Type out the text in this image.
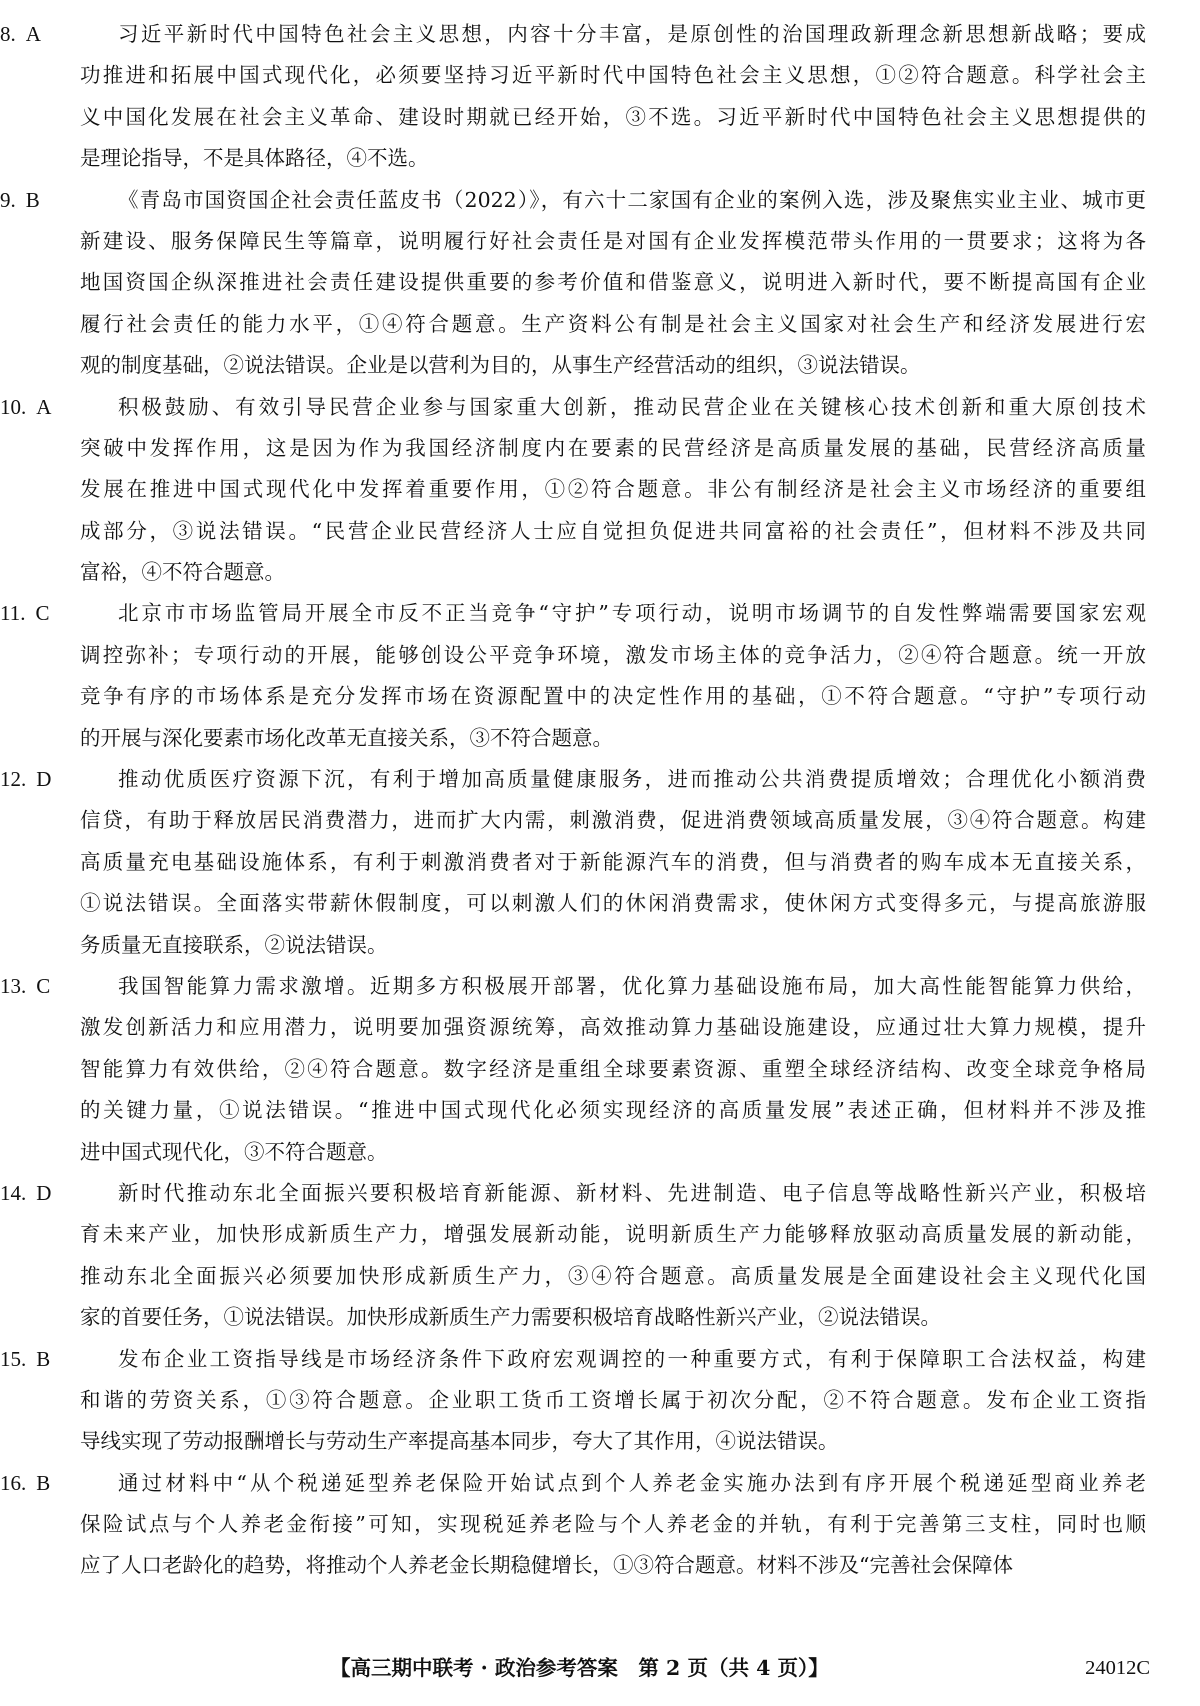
8. A	习近平新时代中国特色社会主义思想，内容十分丰富，是原创性的治国理政新理念新思想新战略；要成
功推进和拓展中国式现代化，必须要坚持习近平新时代中国特色社会主义思想，①②符合题意。科学社会主
义中国化发展在社会主义革命、建设时期就已经开始，③不选。习近平新时代中国特色社会主义思想提供的
是理论指导，不是具体路径，④不选。
9. B	《青岛市国资国企社会责任蓝皮书（2022）》，有六十二家国有企业的案例入选，涉及聚焦实业主业、城市更
新建设、服务保障民生等篇章，说明履行好社会责任是对国有企业发挥模范带头作用的一贯要求；这将为各
地国资国企纵深推进社会责任建设提供重要的参考价值和借鉴意义，说明进入新时代，要不断提高国有企业
履行社会责任的能力水平，①④符合题意。生产资料公有制是社会主义国家对社会生产和经济发展进行宏
观的制度基础，②说法错误。企业是以营利为目的，从事生产经营活动的组织，③说法错误。
10. A	积极鼓励、有效引导民营企业参与国家重大创新，推动民营企业在关键核心技术创新和重大原创技术
突破中发挥作用，这是因为作为我国经济制度内在要素的民营经济是高质量发展的基础，民营经济高质量
发展在推进中国式现代化中发挥着重要作用，①②符合题意。非公有制经济是社会主义市场经济的重要组
成部分，③说法错误。“民营企业民营经济人士应自觉担负促进共同富裕的社会责任”，但材料不涉及共同
富裕，④不符合题意。
11. C	北京市市场监管局开展全市反不正当竞争“守护”专项行动，说明市场调节的自发性弊端需要国家宏观
调控弥补；专项行动的开展，能够创设公平竞争环境，激发市场主体的竞争活力，②④符合题意。统一开放
竞争有序的市场体系是充分发挥市场在资源配置中的决定性作用的基础，①不符合题意。“守护”专项行动
的开展与深化要素市场化改革无直接关系，③不符合题意。
12. D	推动优质医疗资源下沉，有利于增加高质量健康服务，进而推动公共消费提质增效；合理优化小额消费
信贷，有助于释放居民消费潜力，进而扩大内需，刺激消费，促进消费领域高质量发展，③④符合题意。构建
高质量充电基础设施体系，有利于刺激消费者对于新能源汽车的消费，但与消费者的购车成本无直接关系，
①说法错误。全面落实带薪休假制度，可以刺激人们的休闲消费需求，使休闲方式变得多元，与提高旅游服
务质量无直接联系，②说法错误。
13. C	我国智能算力需求激增。近期多方积极展开部署，优化算力基础设施布局，加大高性能智能算力供给，
激发创新活力和应用潜力，说明要加强资源统筹，高效推动算力基础设施建设，应通过壮大算力规模，提升
智能算力有效供给，②④符合题意。数字经济是重组全球要素资源、重塑全球经济结构、改变全球竞争格局
的关键力量，①说法错误。“推进中国式现代化必须实现经济的高质量发展”表述正确，但材料并不涉及推
进中国式现代化，③不符合题意。
14. D	新时代推动东北全面振兴要积极培育新能源、新材料、先进制造、电子信息等战略性新兴产业，积极培
育未来产业，加快形成新质生产力，增强发展新动能，说明新质生产力能够释放驱动高质量发展的新动能，
推动东北全面振兴必须要加快形成新质生产力，③④符合题意。高质量发展是全面建设社会主义现代化国
家的首要任务，①说法错误。加快形成新质生产力需要积极培育战略性新兴产业，②说法错误。
15. B	发布企业工资指导线是市场经济条件下政府宏观调控的一种重要方式，有利于保障职工合法权益，构建
和谐的劳资关系，①③符合题意。企业职工货币工资增长属于初次分配，②不符合题意。发布企业工资指
导线实现了劳动报酬增长与劳动生产率提高基本同步，夸大了其作用，④说法错误。
16. B	通过材料中“从个税递延型养老保险开始试点到个人养老金实施办法到有序开展个税递延型商业养老
保险试点与个人养老金衔接”可知，实现税延养老险与个人养老金的并轨，有利于完善第三支柱，同时也顺
应了人口老龄化的趋势，将推动个人养老金长期稳健增长，①③符合题意。材料不涉及“完善社会保障体
【高三期中联考 · 政治参考答案　第 2 页（共 4 页）】	24012C
